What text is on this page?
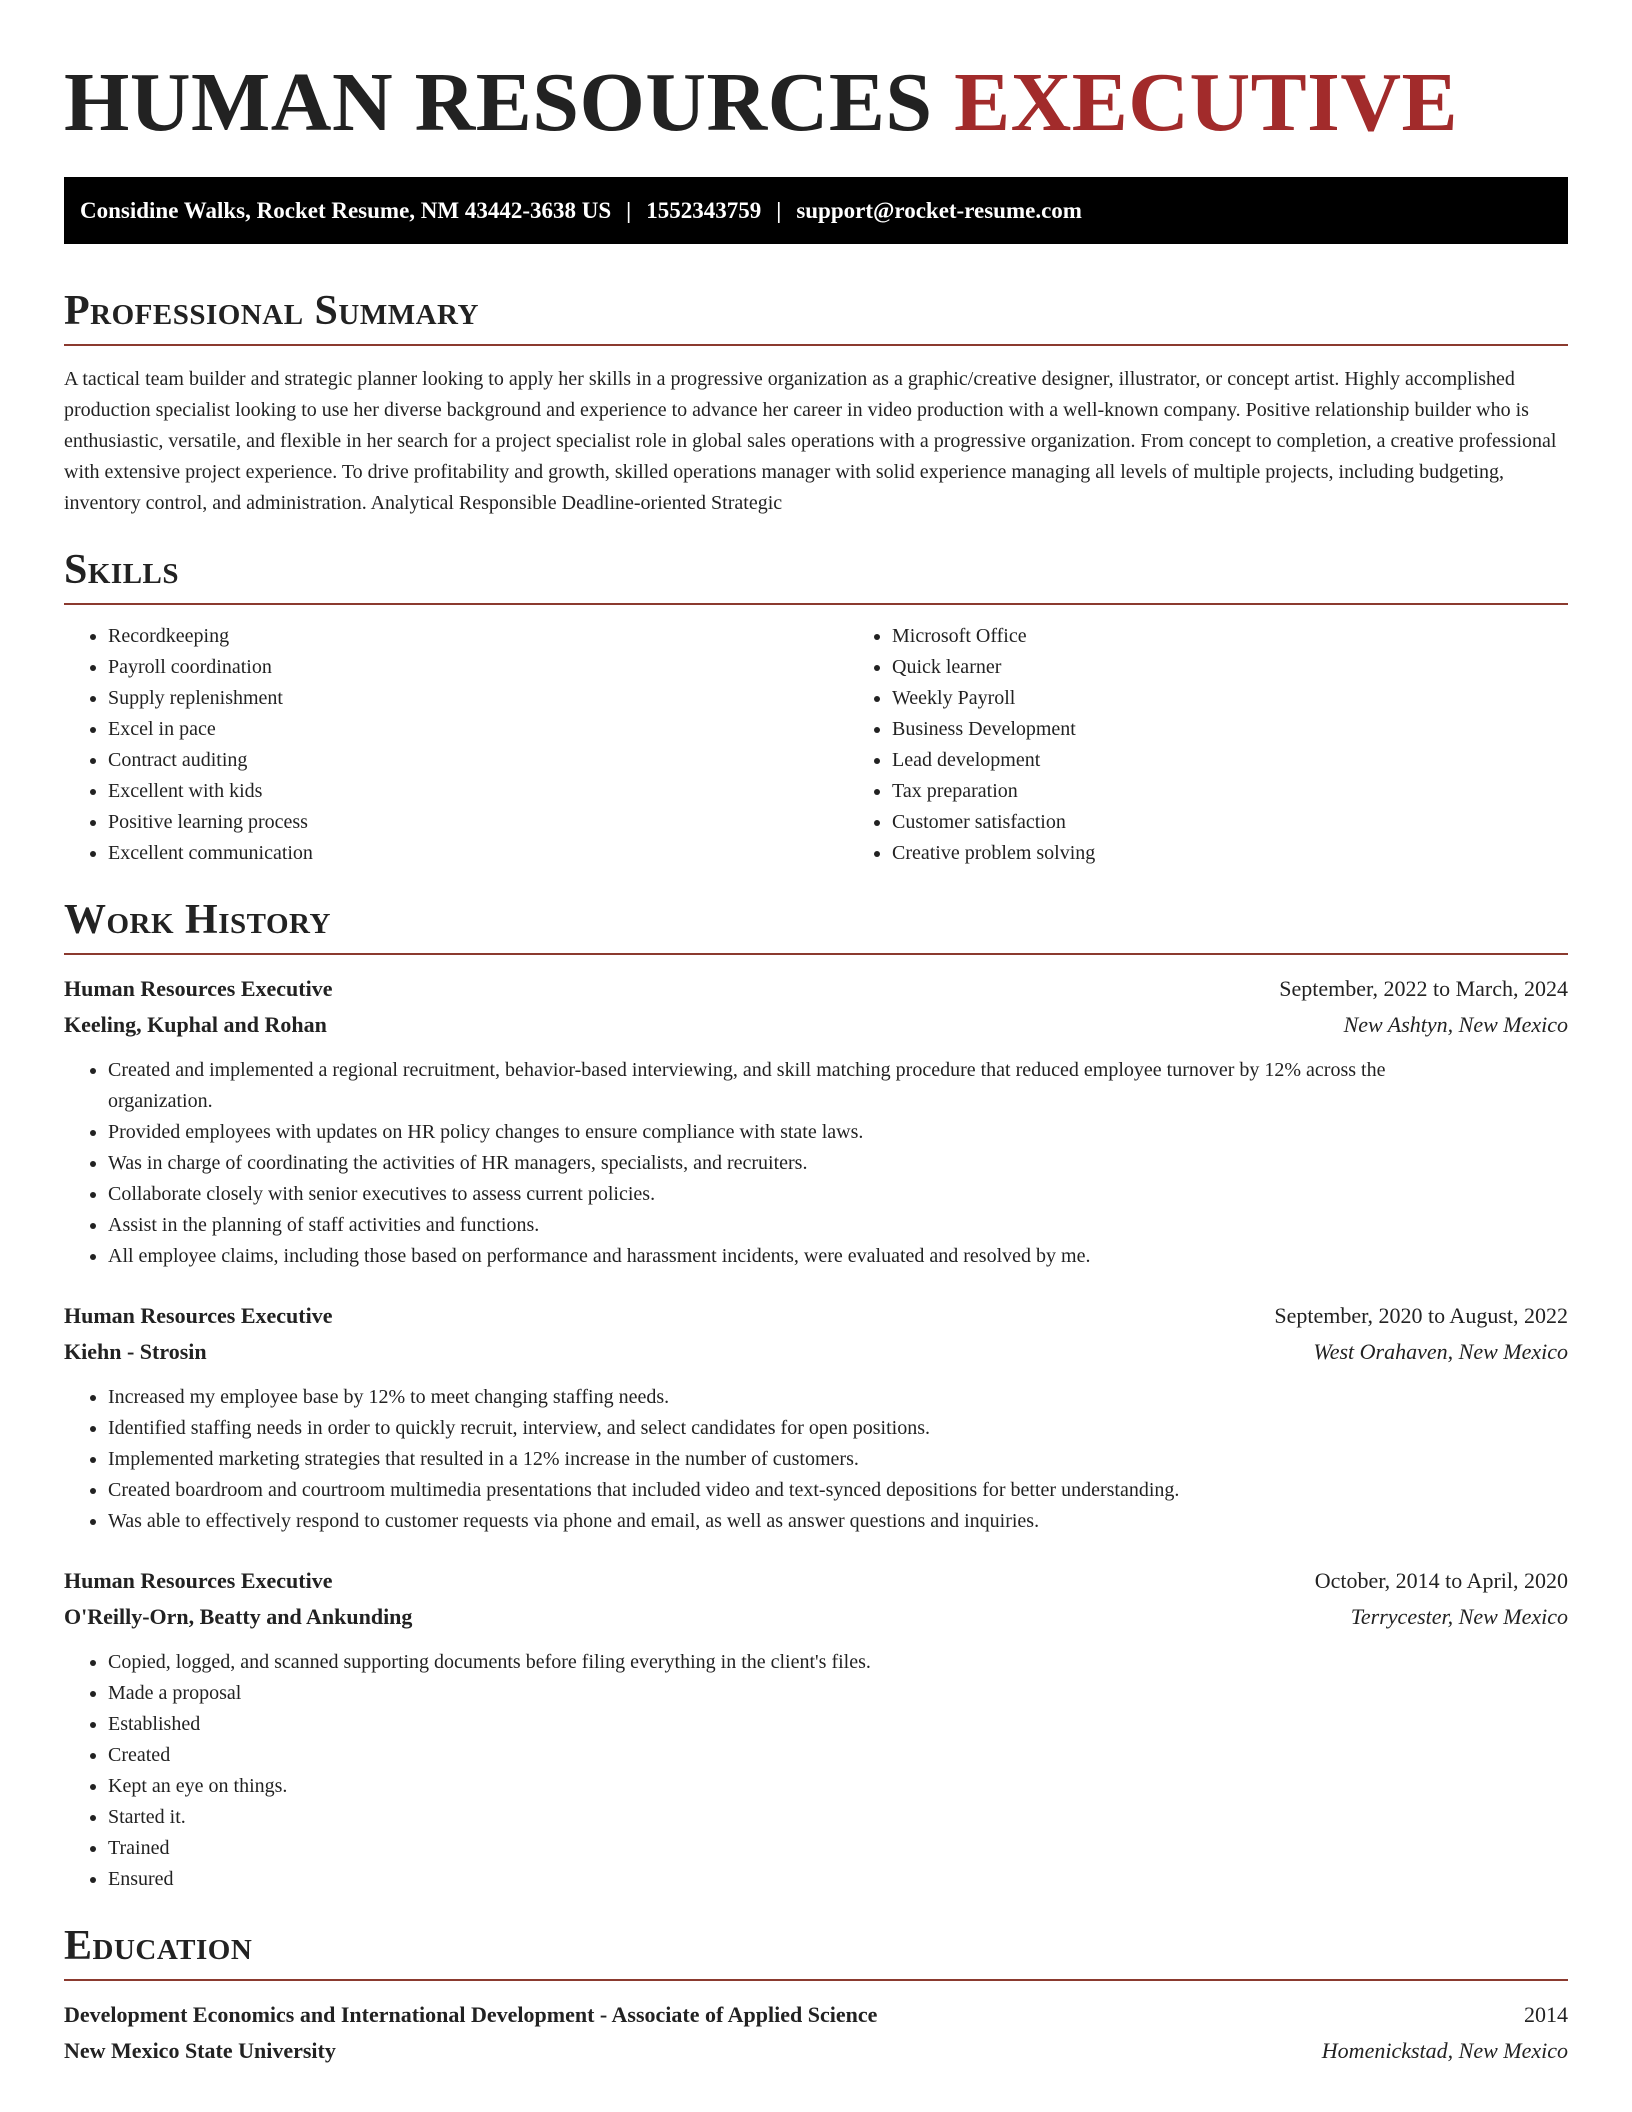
HUMAN RESOURCES EXECUTIVE
Considine Walks, Rocket Resume, NM 43442-3638 US | 1552343759 | support@rocket-resume.com
Professional Summary

A tactical team builder and strategic planner looking to apply her skills in a progressive organization as a graphic/creative designer, illustrator, or concept artist. Highly accomplished production specialist looking to use her diverse background and experience to advance her career in video production with a well-known company. Positive relationship builder who is enthusiastic, versatile, and flexible in her search for a project specialist role in global sales operations with a progressive organization. From concept to completion, a creative professional with extensive project experience. To drive profitability and growth, skilled operations manager with solid experience managing all levels of multiple projects, including budgeting, inventory control, and administration. Analytical Responsible Deadline-oriented Strategic

Skills
• Recordkeeping
• Payroll coordination
• Supply replenishment
• Excel in pace
• Contract auditing
• Excellent with kids
• Positive learning process
• Excellent communication
• Microsoft Office
• Quick learner
• Weekly Payroll
• Business Development
• Lead development
• Tax preparation
• Customer satisfaction
• Creative problem solving
Work History
Human Resources Executive	September, 2022 to March, 2024
Keeling, Kuphal and Rohan	New Ashtyn, New Mexico
• Created and implemented a regional recruitment, behavior-based interviewing, and skill matching procedure that reduced employee turnover by 12% across the organization.
• Provided employees with updates on HR policy changes to ensure compliance with state laws.
• Was in charge of coordinating the activities of HR managers, specialists, and recruiters.
• Collaborate closely with senior executives to assess current policies.
• Assist in the planning of staff activities and functions.
• All employee claims, including those based on performance and harassment incidents, were evaluated and resolved by me.
Human Resources Executive	September, 2020 to August, 2022
Kiehn - Strosin	West Orahaven, New Mexico
• Increased my employee base by 12% to meet changing staffing needs.
• Identified staffing needs in order to quickly recruit, interview, and select candidates for open positions.
• Implemented marketing strategies that resulted in a 12% increase in the number of customers.
• Created boardroom and courtroom multimedia presentations that included video and text-synced depositions for better understanding.
• Was able to effectively respond to customer requests via phone and email, as well as answer questions and inquiries.
Human Resources Executive	October, 2014 to April, 2020
O'Reilly-Orn, Beatty and Ankunding	Terrycester, New Mexico
• Copied, logged, and scanned supporting documents before filing everything in the client's files.
• Made a proposal
• Established
• Created
• Kept an eye on things.
• Started it.
• Trained
• Ensured
Education
Development Economics and International Development - Associate of Applied Science	2014
New Mexico State University	Homenickstad, New Mexico
